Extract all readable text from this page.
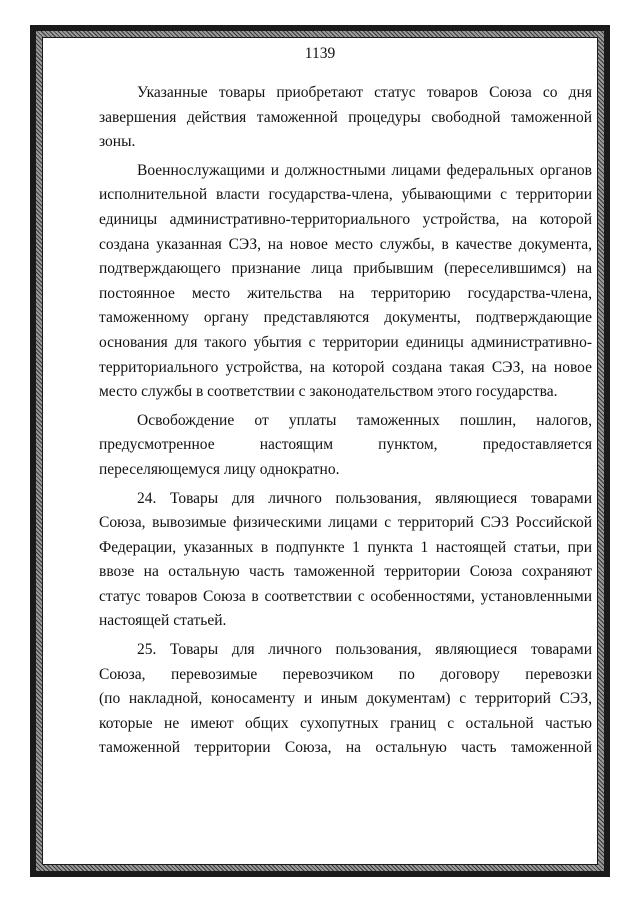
1139

Указанные товары приобретают статус товаров Союза со дня
завершения действия таможенной процедуры свободной таможенной
зоны.

Военнослужащими и должностными лицами федеральных органов
исполнительной власти государства-члена, убывающими с территории
единицы административно-территориального устройства, на которой
создана указанная СЭЗ, на новое место службы, в качестве документа,
подтверждающего признание лица прибывшим (переселившимся) на
постоянное место жительства на территорию государства-члена,
таможенному органу представляются документы, подтверждающие
основания для такого убытия с территории единицы административно-
территориального устройства, на которой создана такая СЭЗ, на новое
место службы в соответствии с законодательством этого государства.

Освобождение от уплаты таможенных пошлин, налогов,
предусмотренное настоящим пунктом, предоставляется
переселяющемуся лицу однократно.

24. Товары для личного пользования, являющиеся товарами
Союза, вывозимые физическими лицами с территорий СЭЗ Российской
Федерации, указанных в подпункте 1 пункта 1 настоящей статьи, при
ввозе на остальную часть таможенной территории Союза сохраняют
статус товаров Союза в соответствии с особенностями, установленными
настоящей статьей.

25. Товары для личного пользования, являющиеся товарами
Союза, перевозимые перевозчиком по договору перевозки
(по накладной, коносаменту и иным документам) с территорий СЭЗ,
которые не имеют общих сухопутных границ с остальной частью
таможенной территории Союза, на остальную часть таможенной
